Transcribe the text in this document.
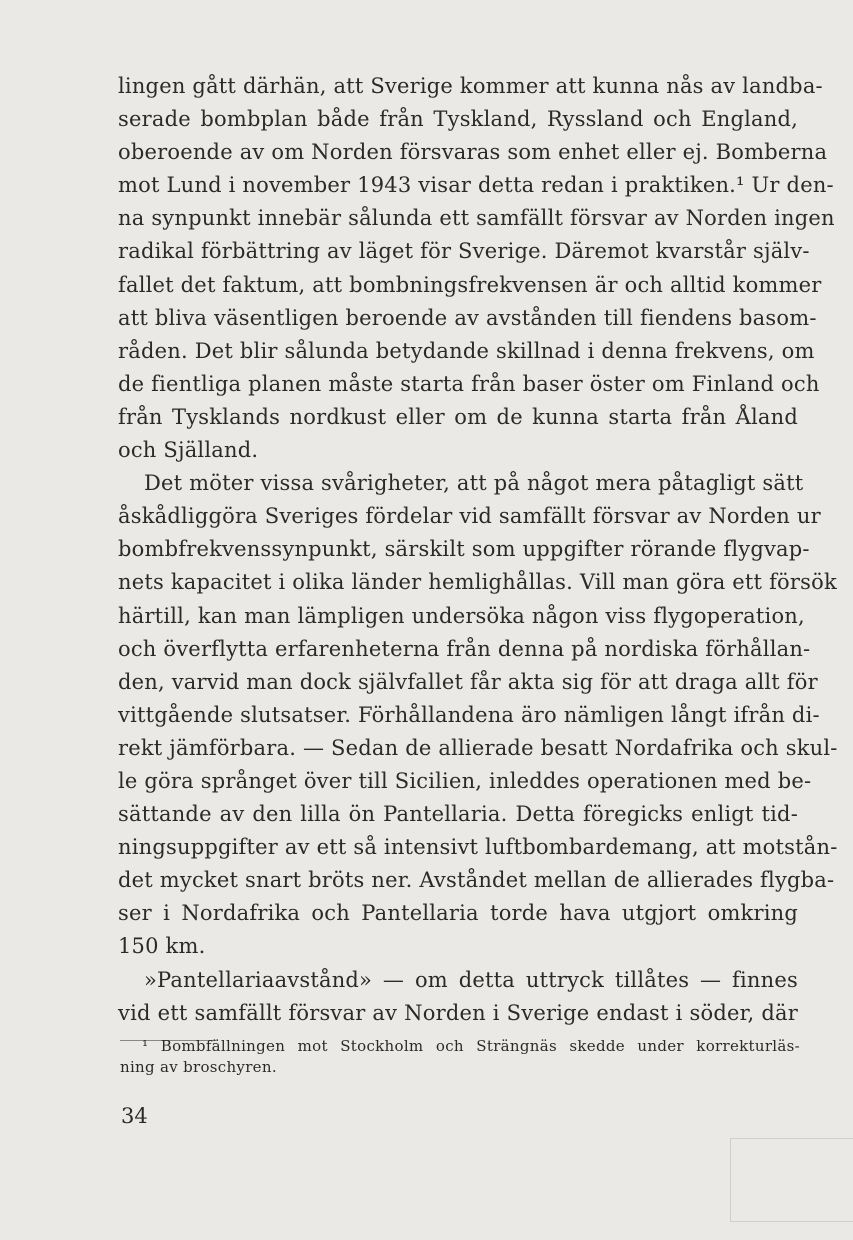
lingen gått därhän, att Sverige kommer att kunna nås av landba-
serade bombplan både från Tyskland, Ryssland och England,
oberoende av om Norden försvaras som enhet eller ej. Bomberna
mot Lund i november 1943 visar detta redan i praktiken.¹ Ur den-
na synpunkt innebär sålunda ett samfällt försvar av Norden ingen
radikal förbättring av läget för Sverige. Däremot kvarstår själv-
fallet det faktum, att bombningsfrekvensen är och alltid kommer
att bliva väsentligen beroende av avstånden till fiendens basom-
råden. Det blir sålunda betydande skillnad i denna frekvens, om
de fientliga planen måste starta från baser öster om Finland och
från Tysklands nordkust eller om de kunna starta från Åland
och Själland.
Det möter vissa svårigheter, att på något mera påtagligt sätt
åskådliggöra Sveriges fördelar vid samfällt försvar av Norden ur
bombfrekvenssynpunkt, särskilt som uppgifter rörande flygvap-
nets kapacitet i olika länder hemlighållas. Vill man göra ett försök
härtill, kan man lämpligen undersöka någon viss flygoperation,
och överflytta erfarenheterna från denna på nordiska förhållan-
den, varvid man dock självfallet får akta sig för att draga allt för
vittgående slutsatser. Förhållandena äro nämligen långt ifrån di-
rekt jämförbara. — Sedan de allierade besatt Nordafrika och skul-
le göra språnget över till Sicilien, inleddes operationen med be-
sättande av den lilla ön Pantellaria. Detta föregicks enligt tid-
ningsuppgifter av ett så intensivt luftbombardemang, att motstån-
det mycket snart bröts ner. Avståndet mellan de allierades flygba-
ser i Nordafrika och Pantellaria torde hava utgjort omkring
150 km.
»Pantellariaavstånd» — om detta uttryck tillåtes — finnes
vid ett samfällt försvar av Norden i Sverige endast i söder, där
¹ Bombfällningen mot Stockholm och Strängnäs skedde under korrekturläs-
ning av broschyren.
34
